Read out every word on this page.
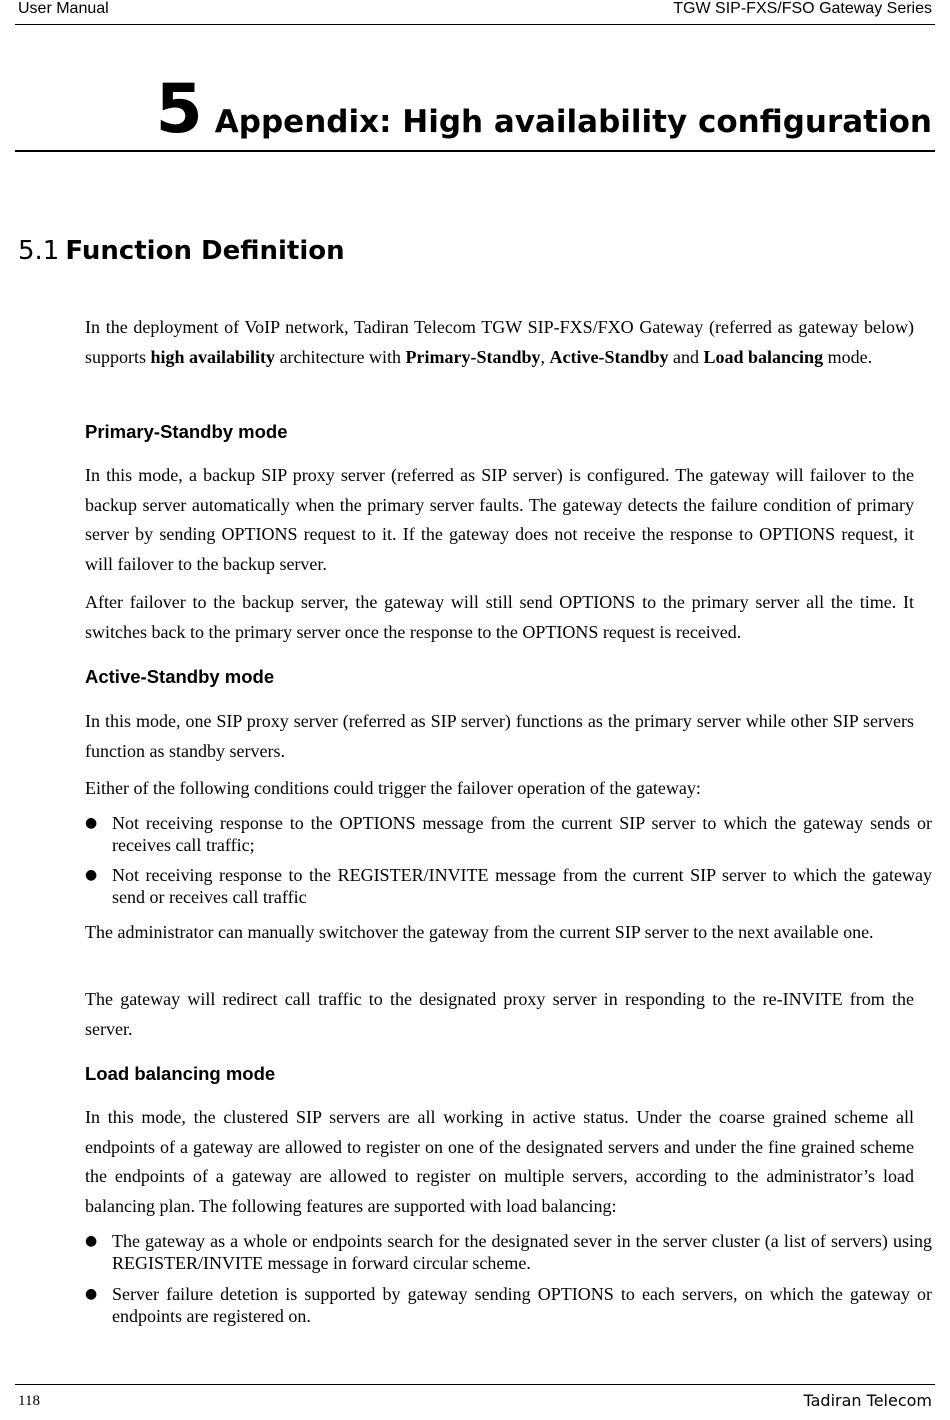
User Manual	TGW SIP-FXS/FSO Gateway Series
5 Appendix: High availability configuration
5.1 Function Definition

In the deployment of VoIP network, Tadiran Telecom TGW SIP-FXS/FXO Gateway (referred as gateway below) supports high availability architecture with Primary-Standby, Active-Standby and Load balancing mode.

Primary-Standby mode

In this mode, a backup SIP proxy server (referred as SIP server) is configured. The gateway will failover to the backup server automatically when the primary server faults. The gateway detects the failure condition of primary server by sending OPTIONS request to it. If the gateway does not receive the response to OPTIONS request, it will failover to the backup server.

After failover to the backup server, the gateway will still send OPTIONS to the primary server all the time. It switches back to the primary server once the response to the OPTIONS request is received.

Active-Standby mode

In this mode, one SIP proxy server (referred as SIP server) functions as the primary server while other SIP servers function as standby servers.

Either of the following conditions could trigger the failover operation of the gateway:

● Not receiving response to the OPTIONS message from the current SIP server to which the gateway sends or receives call traffic;
● Not receiving response to the REGISTER/INVITE message from the current SIP server to which the gateway send or receives call traffic

The administrator can manually switchover the gateway from the current SIP server to the next available one.

The gateway will redirect call traffic to the designated proxy server in responding to the re-INVITE from the server.

Load balancing mode

In this mode, the clustered SIP servers are all working in active status. Under the coarse grained scheme all endpoints of a gateway are allowed to register on one of the designated servers and under the fine grained scheme the endpoints of a gateway are allowed to register on multiple servers, according to the administrator’s load balancing plan. The following features are supported with load balancing:

● The gateway as a whole or endpoints search for the designated sever in the server cluster (a list of servers) using REGISTER/INVITE message in forward circular scheme.
● Server failure detetion is supported by gateway sending OPTIONS to each servers, on which the gateway or endpoints are registered on.
118	Tadiran Telecom
